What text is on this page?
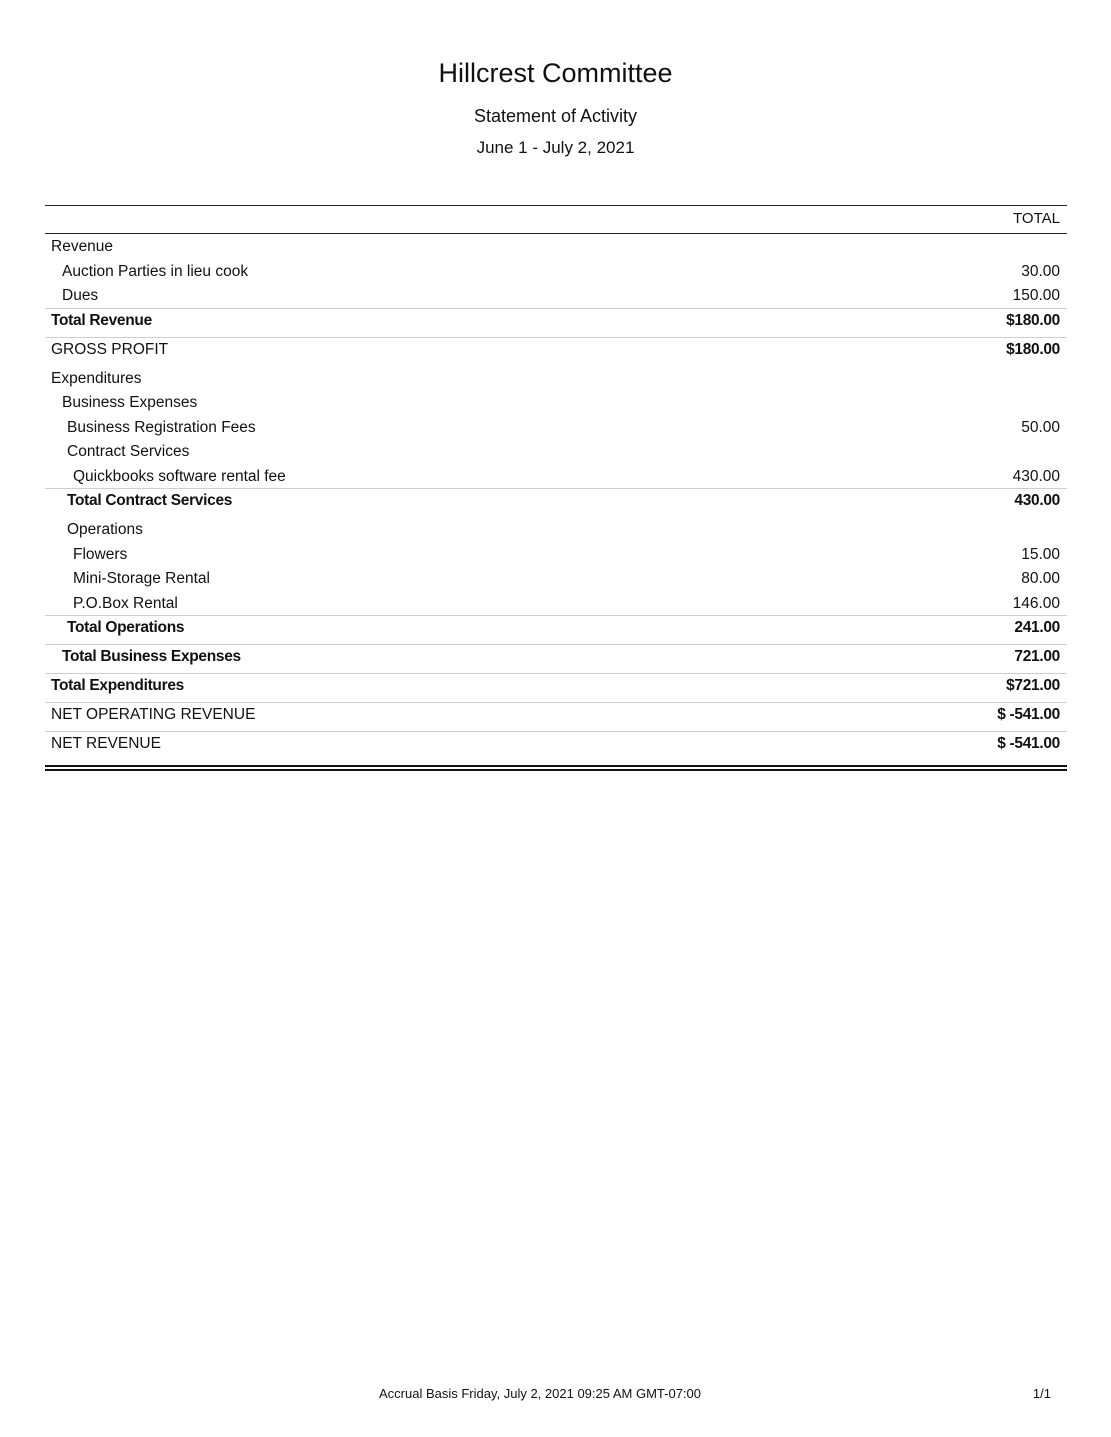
Hillcrest Committee
Statement of Activity
June 1 - July 2, 2021
TOTAL
Revenue
Auction Parties in lieu cook	30.00
Dues	150.00
Total Revenue	$180.00
GROSS PROFIT	$180.00
Expenditures
Business Expenses
Business Registration Fees	50.00
Contract Services
Quickbooks software rental fee	430.00
Total Contract Services	430.00
Operations
Flowers	15.00
Mini-Storage Rental	80.00
P.O.Box Rental	146.00
Total Operations	241.00
Total Business Expenses	721.00
Total Expenditures	$721.00
NET OPERATING REVENUE	$ -541.00
NET REVENUE	$ -541.00
Accrual Basis Friday, July 2, 2021 09:25 AM GMT-07:00	1/1
